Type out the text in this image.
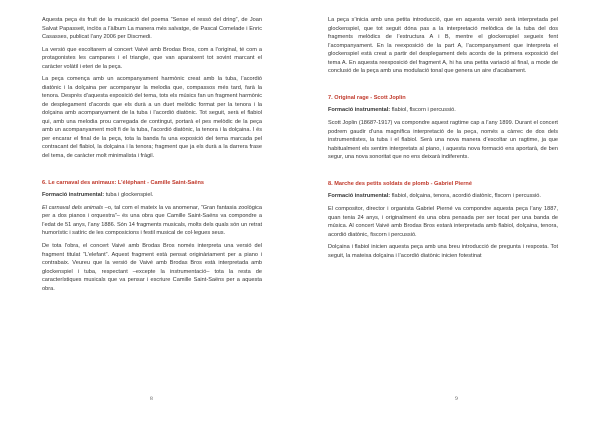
Aquesta peça és fruit de la musicació del poema “Sense el ressó del dring”, de Joan Salvat Papasseit, inclòs a l’àlbum La manera més salvatge, de Pascal Comelade i Enric Casasses, publicat l’any 2006 per Discmedi.

La versió que escoltarem al concert Vaivé amb Brodas Bros, com a l’original, té com a protagonistes les campanes i el triangle, que van aparaixent tot sovint marcant el caràcter volàtil i eteri de la peça.

La peça comença amb un acompanyament harmònic creat amb la tuba, l’acordió diatònic i la dolçaina per acompanyar la melodia que, compassos més tard, farà la tenora. Després d’aquesta exposició del tema, tots els músics fan un fragment harmònic de desplegament d’acords que els durà a un duet melòdic format per la tenora i la dolçaina amb acompanyament de la tuba i l’acordió diatònic. Tot seguit, serà el flabiol qui, amb una melodia prou carregada de contingut, portarà el pes melòdic de la peça amb un acompanyament molt fi de la tuba, l’acordió diatònic, la tenora i la dolçaina. I és per encarar el final de la peça, tota la banda fa una exposició del tema marcada pel contracant del flabiol, la dolçaina i la tenora; fragment que ja els durà a la darrera frase del tema, de caràcter molt minimalista i fràgil.

6. Le carnaval des animaux: L’éléphant - Camille Saint-Saëns

Formació instrumental: tuba i glockenspiel.

El carnaval dels animals –o, tal com el mateix la va anomenar, “Gran fantasia zoològica per a dos pianos i orquestra”– és una obra que Camille Saint-Saëns va compondre a l’edat de 51 anys, l’any 1886. Són 14 fragments musicals, molts dels quals són un retrat humorístic i satíric de les composicions i festil musical de col·legues seus.

De tota l’obra, el concert Vaivé amb Brodas Bros només interpreta una versió del fragment titulat “L’elefant”. Aquest fragment està pensat originàriament per a piano i contrabaix. Veureu que la versió de Vaivé amb Brodas Bros està interpretada amb glockenspiel i tuba, respectant –excepte la instrumentació– tota la resta de característiques musicals que va pensar i escriure Camille Saint-Saëns per a aquesta obra.

8

La peça s’inicia amb una petita introducció, que en aquesta versió serà interpretada pel glockenspiel, que tot seguit dóna pas a la interpretació melòdica de la tuba del dos fragments melòdics de l’estructura A i B, mentre el glockenspiel segueix fent l’acompanyament. En la reexposició de la part A, l’acompanyament que interpreta el glockenspiel està creat a partir del desplegament dels acords de la primera exposició del tema A. En aquesta reexposició del fragment A, hi ha una petita variació al final, a mode de conclusió de la peça amb una modulació tonal que genera un aire d’acabament.

7. Original rage - Scott Joplin

Formació instrumental: flabiol, flscorn i percussió.

Scott Joplin (1868?-1917) va compondre aquest ragtime cap a l’any 1899. Durant el concert podrem gaudir d’una magnífica interpretació de la peça, només a càrrec de dos dels instrumentistes, la tuba i el flabiol. Serà una nova manera d’escoltar un ragtime, ja que habitualment els sentim interpretats al piano, i aquesta nova formació ens aportarà, de ben segur, una nova sonoritat que no ens deixarà indiferents.

8. Marche des petits soldats de plomb - Gabriel Pierné

Formació instrumental: flabiol, dolçaina, tenora, acordió diatònic, flscorn i percussió.

El compositor, director i organista Gabriel Pierné va compondre aquesta peça l’any 1887, quan tenia 24 anys, i originalment és una obra pensada per ser tocat per una banda de música. Al concert Vaivé amb Brodas Bros estarà interpretada amb flabiol, dolçaina, tenora, acordió diatònic, fiscorn i percussió.

Dolçaina i flabiol inicien aquesta peça amb una breu introducció de pregunta i resposta. Tot seguit, la mateixa dolçaina i l’acordió diatònic inicien fotestinat

9
